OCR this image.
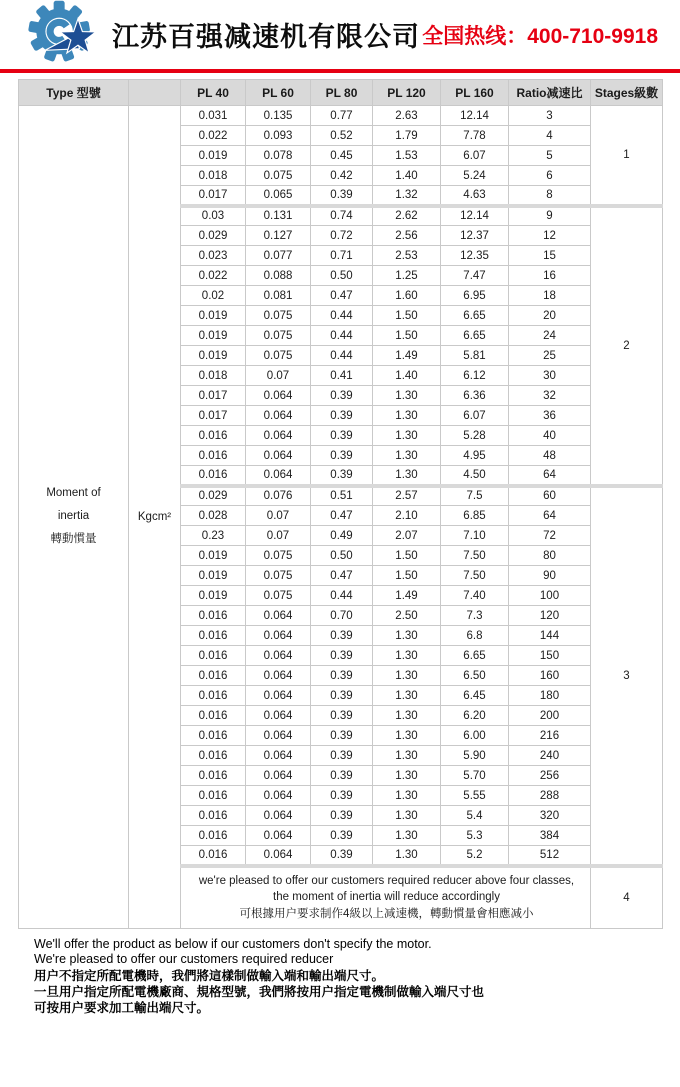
江苏百强减速机有限公司 全国热线：400-710-9918
Type 型號		PL 40	PL 60	PL 80	PL 120	PL 160	Ratio减速比	Stages級數

Moment of
inertia
轉動慣量	Kgcm²	0.031	0.135	0.77	2.63	12.14	3	1
		0.022	0.093	0.52	1.79	7.78	4	
		0.019	0.078	0.45	1.53	6.07	5	
		0.018	0.075	0.42	1.40	5.24	6	
		0.017	0.065	0.39	1.32	4.63	8	
		0.03	0.131	0.74	2.62	12.14	9	2
		0.029	0.127	0.72	2.56	12.37	12	
		0.023	0.077	0.71	2.53	12.35	15	
		0.022	0.088	0.50	1.25	7.47	16	
		0.02	0.081	0.47	1.60	6.95	18	
		0.019	0.075	0.44	1.50	6.65	20	
		0.019	0.075	0.44	1.50	6.65	24	
		0.019	0.075	0.44	1.49	5.81	25	
		0.018	0.07	0.41	1.40	6.12	30	
		0.017	0.064	0.39	1.30	6.36	32	
		0.017	0.064	0.39	1.30	6.07	36	
		0.016	0.064	0.39	1.30	5.28	40	
		0.016	0.064	0.39	1.30	4.95	48	
		0.016	0.064	0.39	1.30	4.50	64	
		0.029	0.076	0.51	2.57	7.5	60	3
		0.028	0.07	0.47	2.10	6.85	64	
		0.23	0.07	0.49	2.07	7.10	72	
		0.019	0.075	0.50	1.50	7.50	80	
		0.019	0.075	0.47	1.50	7.50	90	
		0.019	0.075	0.44	1.49	7.40	100	
		0.016	0.064	0.70	2.50	7.3	120	
		0.016	0.064	0.39	1.30	6.8	144	
		0.016	0.064	0.39	1.30	6.65	150	
		0.016	0.064	0.39	1.30	6.50	160	
		0.016	0.064	0.39	1.30	6.45	180	
		0.016	0.064	0.39	1.30	6.20	200	
		0.016	0.064	0.39	1.30	6.00	216	
		0.016	0.064	0.39	1.30	5.90	240	
		0.016	0.064	0.39	1.30	5.70	256	
		0.016	0.064	0.39	1.30	5.55	288	
		0.016	0.064	0.39	1.30	5.4	320	
		0.016	0.064	0.39	1.30	5.3	384	
		0.016	0.064	0.39	1.30	5.2	512	

		we're pleased to offer our customers required reducer above four classes,
the moment of inertia will reduce accordingly
可根據用户要求制作4級以上减速機，轉動慣量會相應减小						4
We'll offer the product as below if our customers don't specify the motor.
We're pleased to offer our customers required reducer
用户不指定所配電機時，我們將這樣制做輸入端和輸出端尺寸。
一旦用户指定所配電機廠商、規格型號，我們將按用户指定電機制做輸入端尺寸也
可按用户要求加工輸出端尺寸。
